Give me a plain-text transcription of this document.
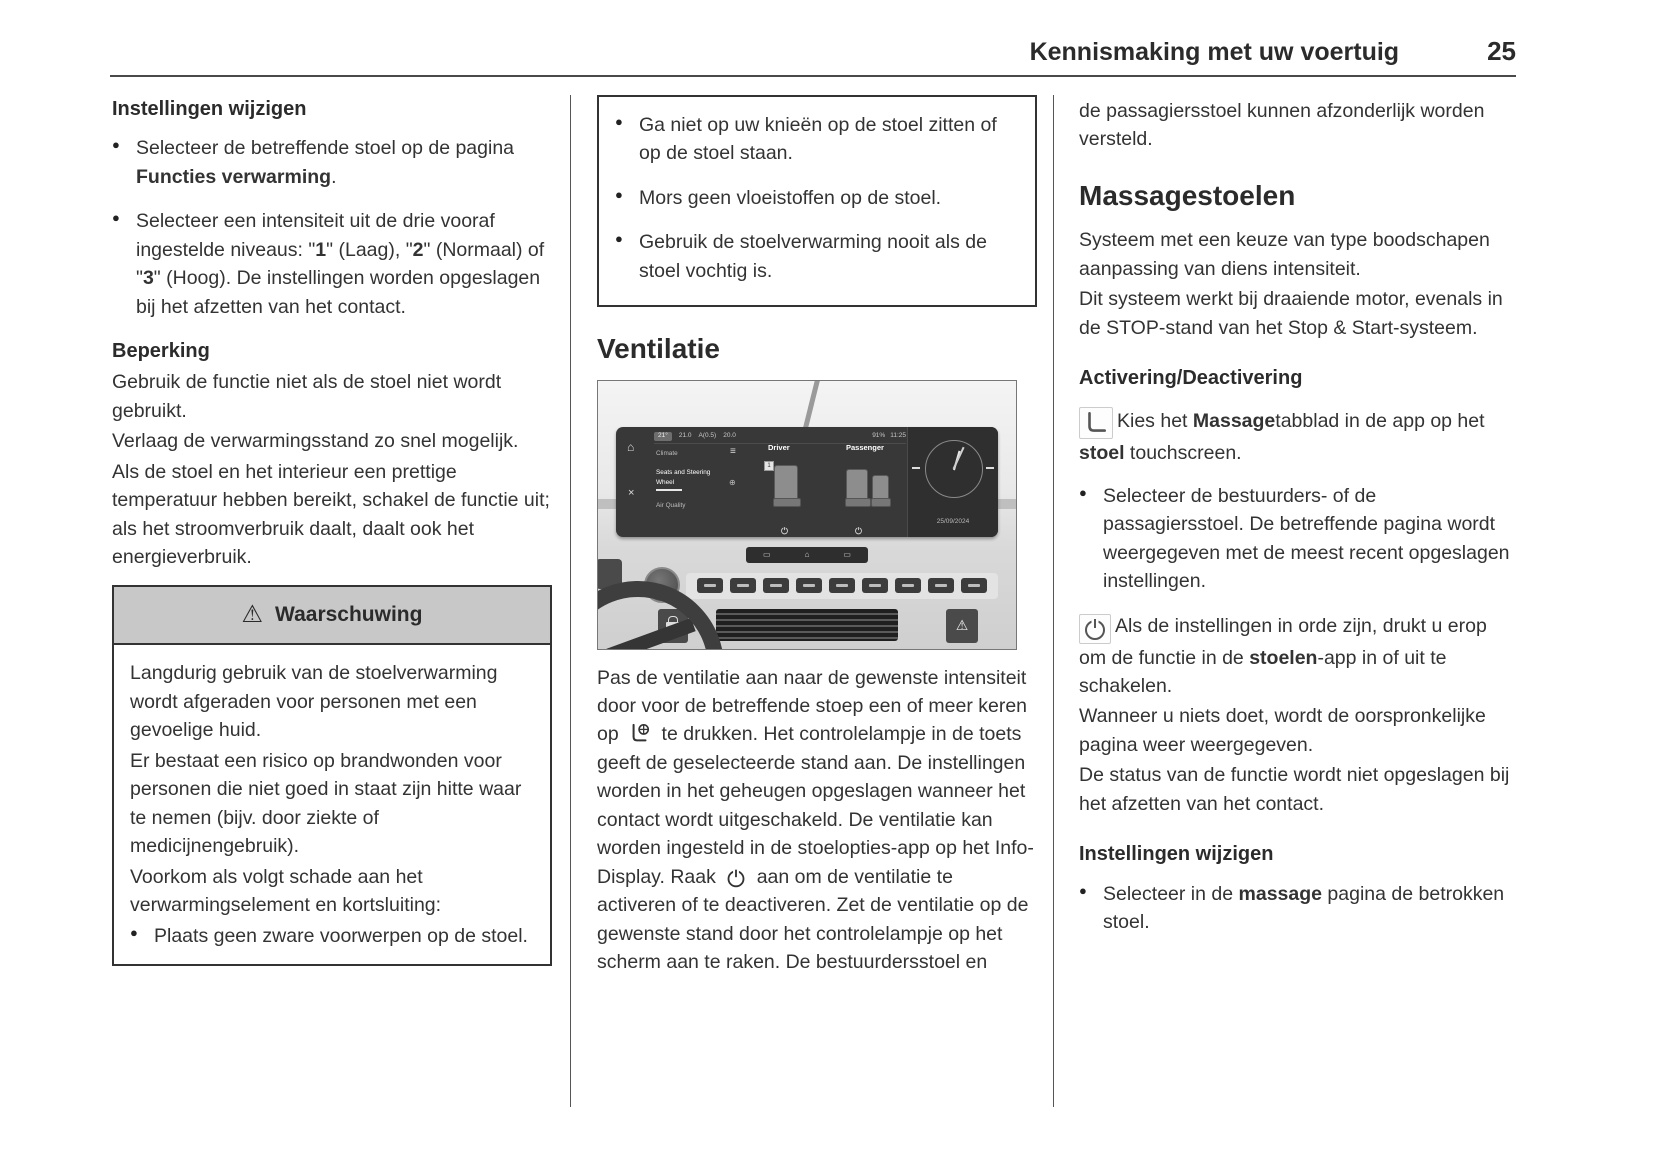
Kennismaking met uw voertuig	25
Instellingen wijzigen
● Selecteer de betreffende stoel op de pagina Functies verwarming.
● Selecteer een intensiteit uit de drie vooraf ingestelde niveaus: "1" (Laag), "2" (Normaal) of "3" (Hoog). De instellingen worden opgeslagen bij het afzetten van het contact.
Beperking

Gebruik de functie niet als de stoel niet wordt gebruikt.

Verlaag de verwarmingsstand zo snel mogelijk.

Als de stoel en het interieur een prettige temperatuur hebben bereikt, schakel de functie uit; als het stroomverbruik daalt, daalt ook het energieverbruik.

⚠ Waarschuwing

Langdurig gebruik van de stoelverwarming wordt afgeraden voor personen met een gevoelige huid.

Er bestaat een risico op brandwonden voor personen die niet goed in staat zijn hitte waar te nemen (bijv. door ziekte of medicijnengebruik).

Voorkom als volgt schade aan het verwarmingselement en kortsluiting:

● Plaats geen zware voorwerpen op de stoel.
● Ga niet op uw knieën op de stoel zitten of op de stoel staan.
● Mors geen vloeistoffen op de stoel.
● Gebruik de stoelverwarming nooit als de stoel vochtig is.
Ventilatie
⌂
×
21° 21.0 A(0.5) 20.0	91% 11:25
Climate
Seats and Steering Wheel
Air Quality
≡
⊕
Driver	Passenger
1
25/09/2024
▭	⌂	▭
⚠

Pas de ventilatie aan naar de gewenste intensiteit door voor de betreffende stoep een of meer keren op te drukken. Het controlelampje in de toets geeft de geselecteerde stand aan. De instellingen worden in het geheugen opgeslagen wanneer het contact wordt uitgeschakeld. De ventilatie kan worden ingesteld in de stoelopties-app op het Info-Display. Raak aan om de ventilatie te activeren of te deactiveren. Zet de ventilatie op de gewenste stand door het controlelampje op het scherm aan te raken. De bestuurdersstoel en

de passagiersstoel kunnen afzonderlijk worden versteld.

Massagestoelen

Systeem met een keuze van type boodschapen aanpassing van diens intensiteit.

Dit systeem werkt bij draaiende motor, evenals in de STOP-stand van het Stop & Start-systeem.

Activering/Deactivering

Kies het Massagetabblad in de app op het stoel touchscreen.

● Selecteer de bestuurders- of de passagiersstoel. De betreffende pagina wordt weergegeven met de meest recent opgeslagen instellingen.

Als de instellingen in orde zijn, drukt u erop om de functie in de stoelen-app in of uit te schakelen.

Wanneer u niets doet, wordt de oorspronkelijke pagina weer weergegeven.

De status van de functie wordt niet opgeslagen bij het afzetten van het contact.

Instellingen wijzigen
● Selecteer in de massage pagina de betrokken stoel.
